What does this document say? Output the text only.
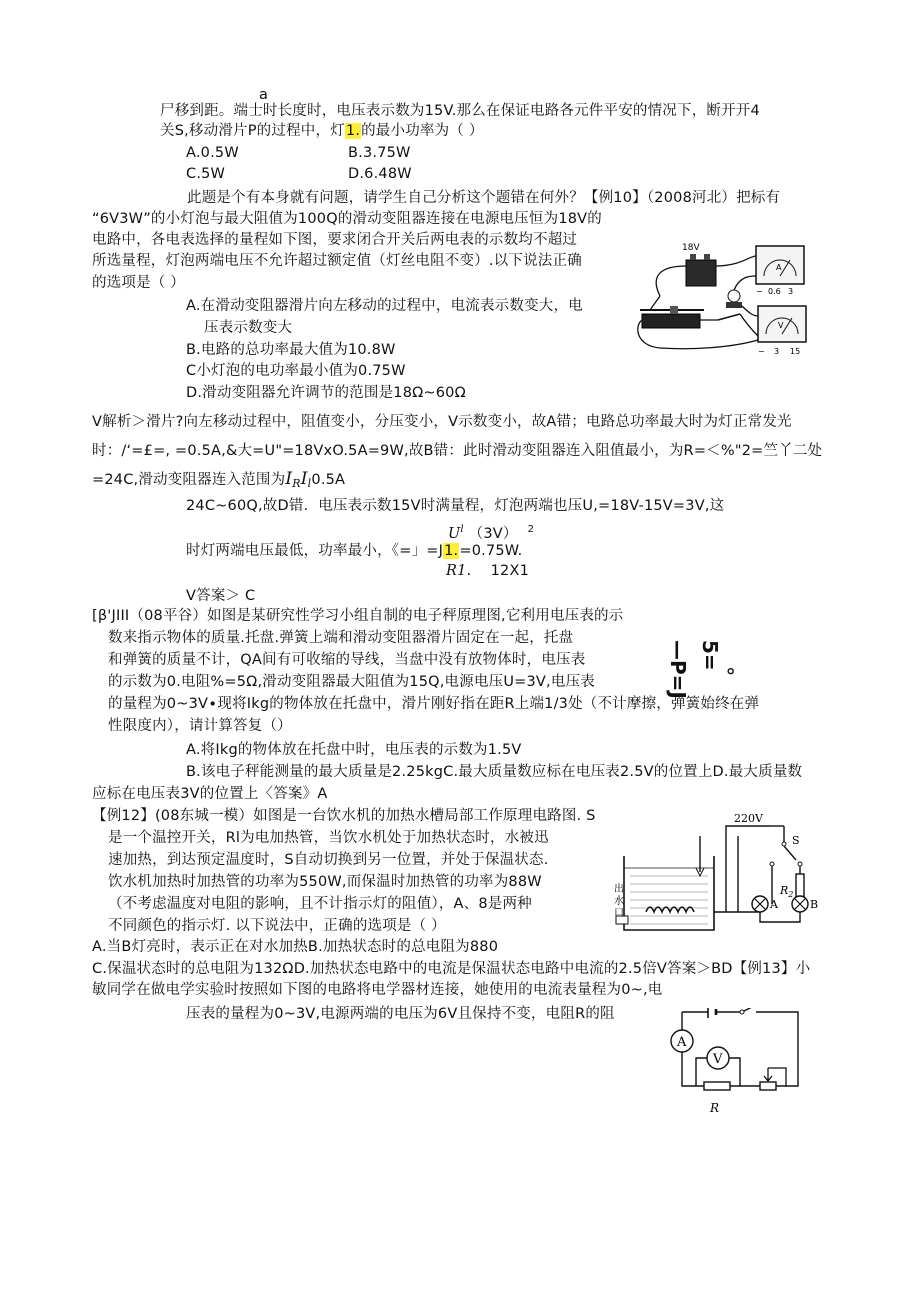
a
尸移到距。端士时长度时，电压表示数为15V.那么在保证电路各元件平安的情况下，断开开4
关S,移动滑片P的过程中，灯1.的最小功率为（ ）
A.0.5W	B.3.75W
C.5W	D.6.48W
此题是个有本身就有问题，请学生自己分析这个题错在何外？【例10】（2008河北）把标有
“6V3W”的小灯泡与最大阻值为100Q的滑动变阻器连接在电源电压恒为18V的
电路中，各电表选择的量程如下图，要求闭合开关后两电表的示数均不超过
所选量程，灯泡两端电压不允许超过额定值（灯丝电阻不变）.以下说法正确
的选项是（ ）
A.在滑动变阻器滑片向左移动的过程中，电流表示数变大，电
压表示数变大
B.电路的总功率最大值为10.8W
C小灯泡的电功率最小值为0.75W
D.滑动变阻器允许调节的范围是18Ω~60Ω
18V
A
− 0.6 3
V
− 3 15
V解析＞滑片?向左移动过程中，阻值变小，分压变小，V示数变小，故A错；电路总功率最大时为灯正常发光
时：/‘=£=, =0.5A,&大=U"=18VxO.5A=9W,故B错：此时滑动变阻器连入阻值最小，为R=＜%"2=竺丫二处
=24C,滑动变阻器连入范围为$I_RI_l0.5A$
24C~60Q,故D错．电压表示数15V时满量程，灯泡两端也压U,=18V-15V=3V,这
$U^l$ （3V） $^2$
时灯两端电压最低，功率最小，《=」=J1.=0.75W.
R1. 12X1
V答案＞ C
[β'JIII（08平谷）如图是某研究性学习小组自制的电子秤原理图,它利用电压表的示
数来指示物体的质量.托盘.弹簧上端和滑动变阻器滑片固定在一起，托盘
和弹簧的质量不计，QA间有可收缩的导线，当盘中没有放物体时，电压表
的示数为0.电阻%=5Ω,滑动变阻器最大阻值为15Q,电源电压U=3V,电压表
的量程为0~3V∙现将Ikg的物体放在托盘中，滑片刚好指在距R上端1/3处（不计摩擦，弹簧始终在弹
性限度内），请计算答复（）
A.将Ikg的物体放在托盘中时，电压表的示数为1.5V
B.该电子秤能测量的最大质量是2.25kgC.最大质量数应标在电压表2.5V的位置上D.最大质量数
应标在电压表3V的位置上〈答案》A
5=
—P=J 。
【例12】(08东城一模）如图是一台饮水机的加热水槽局部工作原理电路图. S
是一个温控开关，Rl为电加热管，当饮水机处于加热状态时，水被迅
速加热，到达预定温度时，S自动切换到另一位置，并处于保温状态.
饮水机加热时加热管的功率为550W,而保温时加热管的功率为88W
（不考虑温度对电阻的影响，且不计指示灯的阻值），A、8是两种
不同颜色的指示灯. 以下说法中，正确的选项是（ ）
A.当B灯亮时，表示正在对水加热B.加热状态时的总电阻为880
C.保温状态时的总电阻为132ΩD.加热状态电路中的电流是保温状态电路中电流的2.5倍V答案＞BD【例13】小
敏同学在做电学实验时按照如下图的电路将电学器材连接，她使用的电流表量程为0~,电
压表的量程为0~3V,电源两端的电压为6V且保持不变，电阻R的阻
出
水
口
220V
S
$R_2$
A	B
A
V
R
